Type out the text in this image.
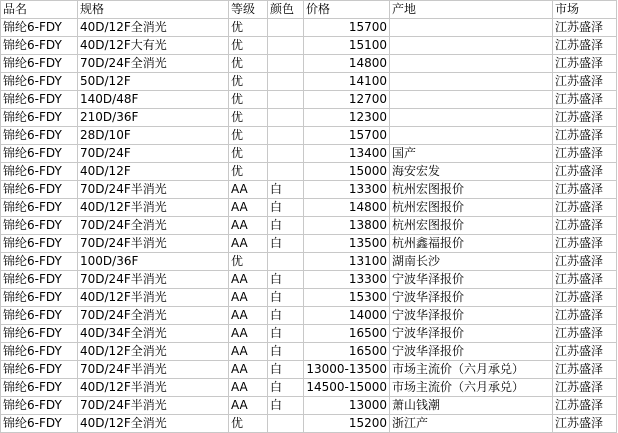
品名	规格	等级	颜色	价格	产地	市场
锦纶6-FDY	40D/12F全消光	优		15700		江苏盛泽
锦纶6-FDY	40D/12F大有光	优		15100		江苏盛泽
锦纶6-FDY	70D/24F全消光	优		14800		江苏盛泽
锦纶6-FDY	50D/12F	优		14100		江苏盛泽
锦纶6-FDY	140D/48F	优		12700		江苏盛泽
锦纶6-FDY	210D/36F	优		12300		江苏盛泽
锦纶6-FDY	28D/10F	优		15700		江苏盛泽
锦纶6-FDY	70D/24F	优		13400	国产	江苏盛泽
锦纶6-FDY	40D/12F	优		15000	海安宏发	江苏盛泽
锦纶6-FDY	70D/24F半消光	AA	白	13300	杭州宏图报价	江苏盛泽
锦纶6-FDY	40D/12F半消光	AA	白	14800	杭州宏图报价	江苏盛泽
锦纶6-FDY	70D/24F全消光	AA	白	13800	杭州宏图报价	江苏盛泽
锦纶6-FDY	70D/24F半消光	AA	白	13500	杭州鑫福报价	江苏盛泽
锦纶6-FDY	100D/36F	优		13100	湖南长沙	江苏盛泽
锦纶6-FDY	70D/24F半消光	AA	白	13300	宁波华泽报价	江苏盛泽
锦纶6-FDY	40D/12F半消光	AA	白	15300	宁波华泽报价	江苏盛泽
锦纶6-FDY	70D/24F全消光	AA	白	14000	宁波华泽报价	江苏盛泽
锦纶6-FDY	40D/34F全消光	AA	白	16500	宁波华泽报价	江苏盛泽
锦纶6-FDY	40D/12F全消光	AA	白	16500	宁波华泽报价	江苏盛泽
锦纶6-FDY	70D/24F半消光	AA	白	13000-13500	市场主流价（六月承兑）	江苏盛泽
锦纶6-FDY	40D/12F半消光	AA	白	14500-15000	市场主流价（六月承兑）	江苏盛泽
锦纶6-FDY	70D/24F半消光	AA	白	13000	萧山钱潮	江苏盛泽
锦纶6-FDY	40D/12F全消光	优		15200	浙江产	江苏盛泽
